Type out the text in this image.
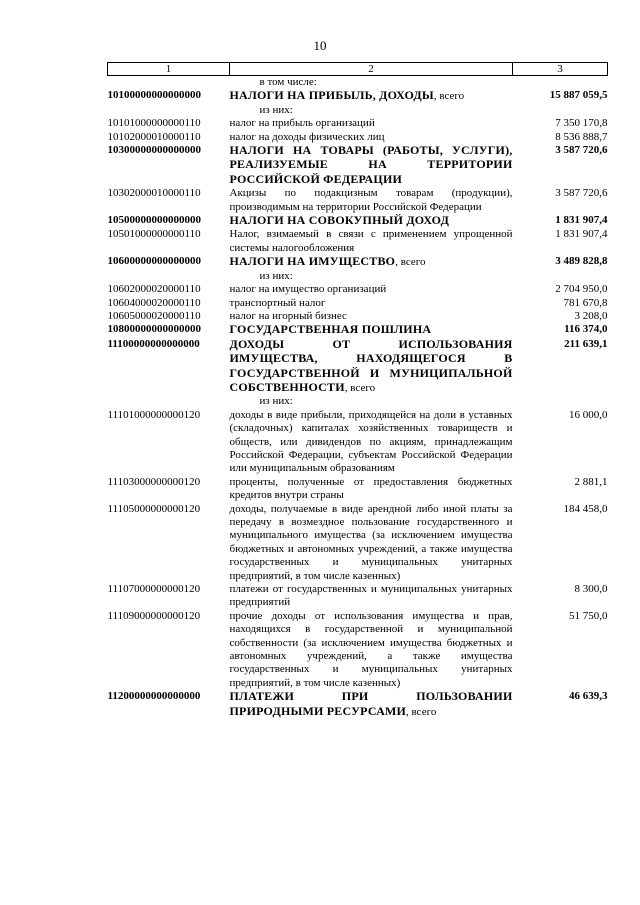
10
1	2	3
	в том числе:	
10100000000000000	НАЛОГИ НА ПРИБЫЛЬ, ДОХОДЫ, всего	15 887 059,5
	из них:	
10101000000000110	налог на прибыль организаций	7 350 170,8
10102000010000110	налог на доходы физических лиц	8 536 888,7
10300000000000000	НАЛОГИ НА ТОВАРЫ (РАБОТЫ, УСЛУГИ), РЕАЛИЗУЕМЫЕ НА ТЕРРИТОРИИ РОССИЙСКОЙ ФЕДЕРАЦИИ	3 587 720,6
10302000010000110	Акцизы по подакцизным товарам (продукции), производимым на территории Российской Федерации	3 587 720,6
10500000000000000	НАЛОГИ НА СОВОКУПНЫЙ ДОХОД	1 831 907,4
10501000000000110	Налог, взимаемый в связи с применением упрощенной системы налогообложения	1 831 907,4
10600000000000000	НАЛОГИ НА ИМУЩЕСТВО, всего	3 489 828,8
	из них:	
10602000020000110	налог на имущество организаций	2 704 950,0
10604000020000110	транспортный налог	781 670,8
10605000020000110	налог на игорный бизнес	3 208,0
10800000000000000	ГОСУДАРСТВЕННАЯ ПОШЛИНА	116 374,0
11100000000000000	ДОХОДЫ ОТ ИСПОЛЬЗОВАНИЯ ИМУЩЕСТВА, НАХОДЯЩЕГОСЯ В ГОСУДАРСТВЕННОЙ И МУНИЦИПАЛЬНОЙ СОБСТВЕННОСТИ, всего	211 639,1
	из них:	
11101000000000120	доходы в виде прибыли, приходящейся на доли в уставных (складочных) капиталах хозяйственных товариществ и обществ, или дивидендов по акциям, принадлежащим Российской Федерации, субъектам Российской Федерации или муниципальным образованиям	16 000,0
11103000000000120	проценты, полученные от предоставления бюджетных кредитов внутри страны	2 881,1
11105000000000120	доходы, получаемые в виде арендной либо иной платы за передачу в возмездное пользование государственного и муниципального имущества (за исключением имущества бюджетных и автономных учреждений, а также имущества государственных и муниципальных унитарных предприятий, в том числе казенных)	184 458,0
11107000000000120	платежи от государственных и муниципальных унитарных предприятий	8 300,0
11109000000000120	прочие доходы от использования имущества и прав, находящихся в государственной и муниципальной собственности (за исключением имущества бюджетных и автономных учреждений, а также имущества государственных и муниципальных унитарных предприятий, в том числе казенных)	51 750,0
11200000000000000	ПЛАТЕЖИ ПРИ ПОЛЬЗОВАНИИ ПРИРОДНЫМИ РЕСУРСАМИ, всего	46 639,3
